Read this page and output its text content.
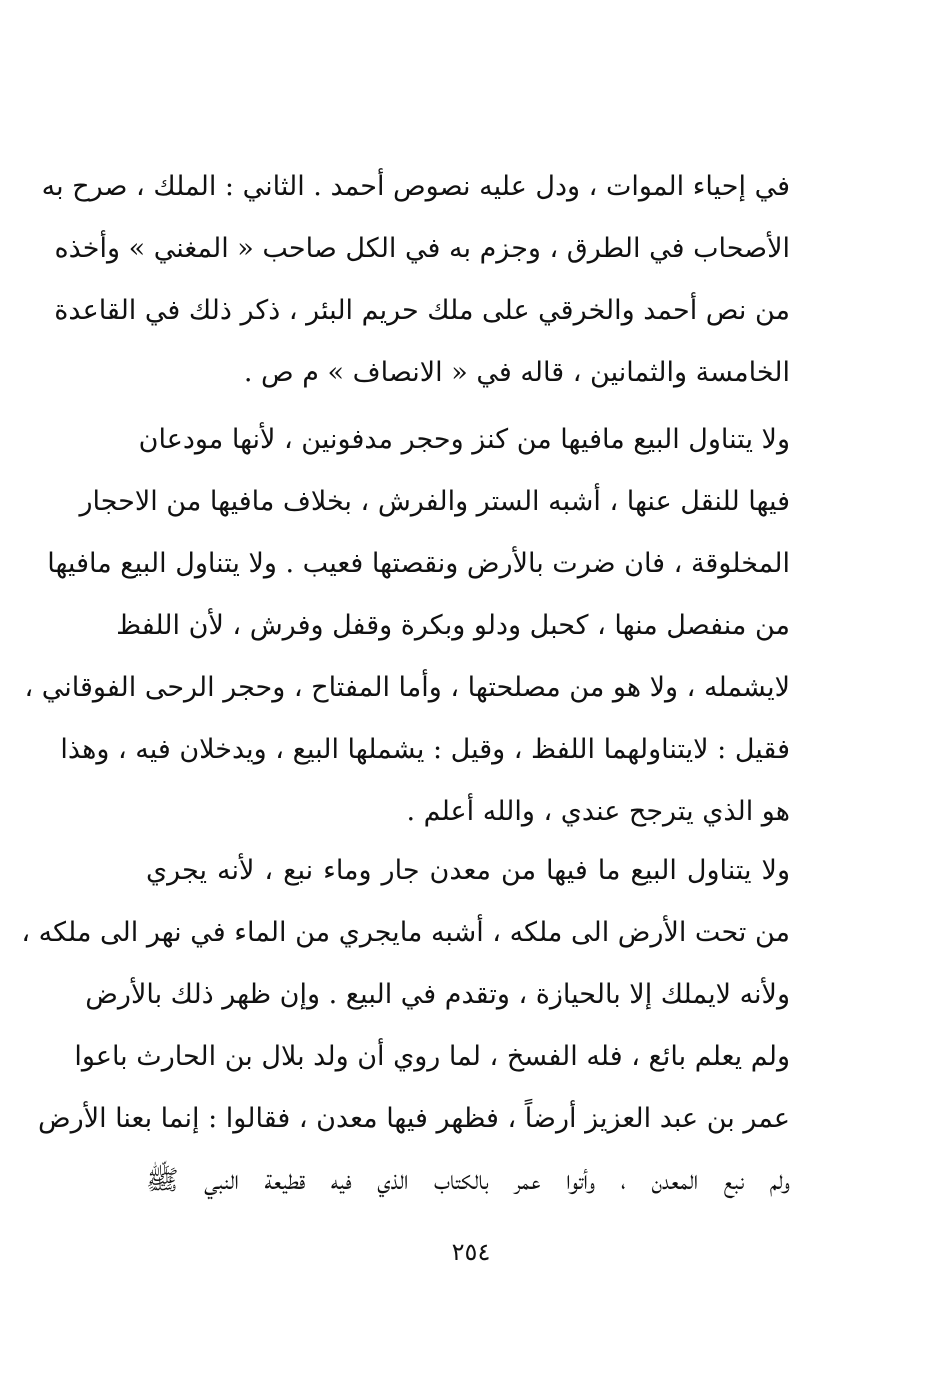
في إحياء الموات ، ودل عليه نصوص أحمد . الثاني : الملك ، صرح به
الأصحاب في الطرق ، وجزم به في الكل صاحب « المغني » وأخذه
من نص أحمد والخرقي على ملك حريم البئر ، ذكر ذلك في القاعدة
الخامسة والثمانين ، قاله في « الانصاف » م ص .
ولا يتناول البيع مافيها من كنز وحجر مدفونين ، لأنها مودعان
فيها للنقل عنها ، أشبه الستر والفرش ، بخلاف مافيها من الاحجار
المخلوقة ، فان ضرت بالأرض ونقصتها فعيب . ولا يتناول البيع مافيها
من منفصل منها ، كحبل ودلو وبكرة وقفل وفرش ، لأن اللفظ
لايشمله ، ولا هو من مصلحتها ، وأما المفتاح ، وحجر الرحى الفوقاني ،
فقيل : لايتناولهما اللفظ ، وقيل : يشملها البيع ، ويدخلان فيه ، وهذا
هو الذي يترجح عندي ، والله أعلم .
ولا يتناول البيع ما فيها من معدن جار وماء نبع ، لأنه يجري
من تحت الأرض الى ملكه ، أشبه مايجري من الماء في نهر الى ملكه ،
ولأنه لايملك إلا بالحيازة ، وتقدم في البيع . وإن ظهر ذلك بالأرض
ولم يعلم بائع ، فله الفسخ ، لما روي أن ولد بلال بن الحارث باعوا
عمر بن عبد العزيز أرضاً ، فظهر فيها معدن ، فقالوا : إنما بعنا الأرض
ولم نبع المعدن ، وأتوا عمر بالكتاب الذي فيه قطيعة النبي ﷺ
٢٥٤
